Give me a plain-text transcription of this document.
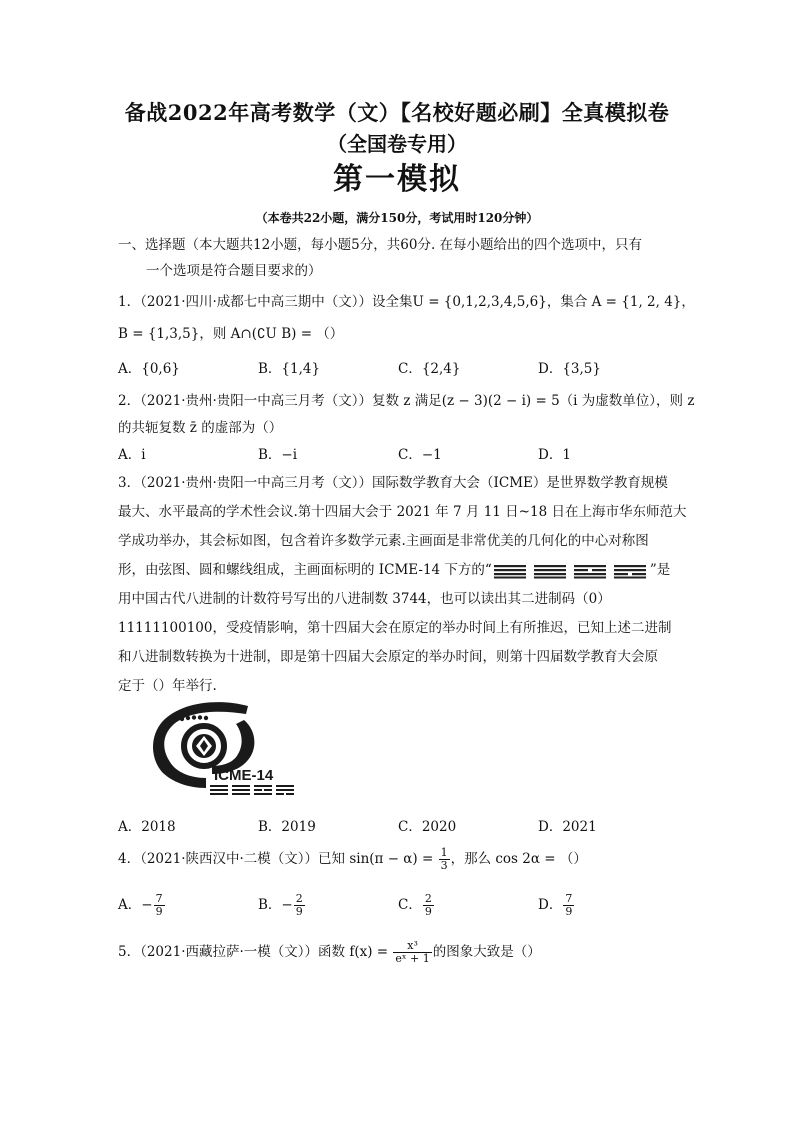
备战2022年高考数学（文）【名校好题必刷】全真模拟卷
（全国卷专用）
第一模拟
（本卷共22小题，满分150分，考试用时120分钟）
一、选择题（本大题共12小题，每小题5分，共60分. 在每小题给出的四个选项中，只有
一个选项是符合题目要求的）
1．（2021·四川·成都七中高三期中（文））设全集U = {0,1,2,3,4,5,6}，集合 A = {1, 2, 4}，
B = {1,3,5}，则 A∩(∁U B) = （）
A．{0,6}	B．{1,4}	C．{2,4}	D．{3,5}
2．（2021·贵州·贵阳一中高三月考（文））复数 z 满足(z − 3)(2 − i) = 5（i 为虚数单位），则 z
的共轭复数 z̄ 的虚部为（）
A．i	B．−i	C．−1	D．1
3．（2021·贵州·贵阳一中高三月考（文））国际数学教育大会（ICME）是世界数学教育规模
最大、水平最高的学术性会议.第十四届大会于 2021 年 7 月 11 日~18 日在上海市华东师范大
学成功举办，其会标如图，包含着许多数学元素.主画面是非常优美的几何化的中心对称图
形，由弦图、圆和螺线组成，主画面标明的 ICME-14 下方的“	”是
用中国古代八进制的计数符号写出的八进制数 3744，也可以读出其二进制码（0）
11111100100，受疫情影响，第十四届大会在原定的举办时间上有所推迟，已知上述二进制
和八进制数转换为十进制，即是第十四届大会原定的举办时间，则第十四届数学教育大会原
定于（）年举行.
ICME-14
A．2018	B．2019	C．2020	D．2021
4．（2021·陕西汉中·二模（文））已知 $\sin(\pi - \alpha) = \frac{1}{3}$ ，那么 cos 2α = （）
A．− $\frac{7}{9}$	B．− $\frac{2}{9}$	C． $\frac{2}{9}$	D． $\frac{7}{9}$
5．（2021·西藏拉萨·一模（文））函数 $f(x) = \frac{\text{x³}}{\text{eˣ + 1}}$ 的图象大致是（）
